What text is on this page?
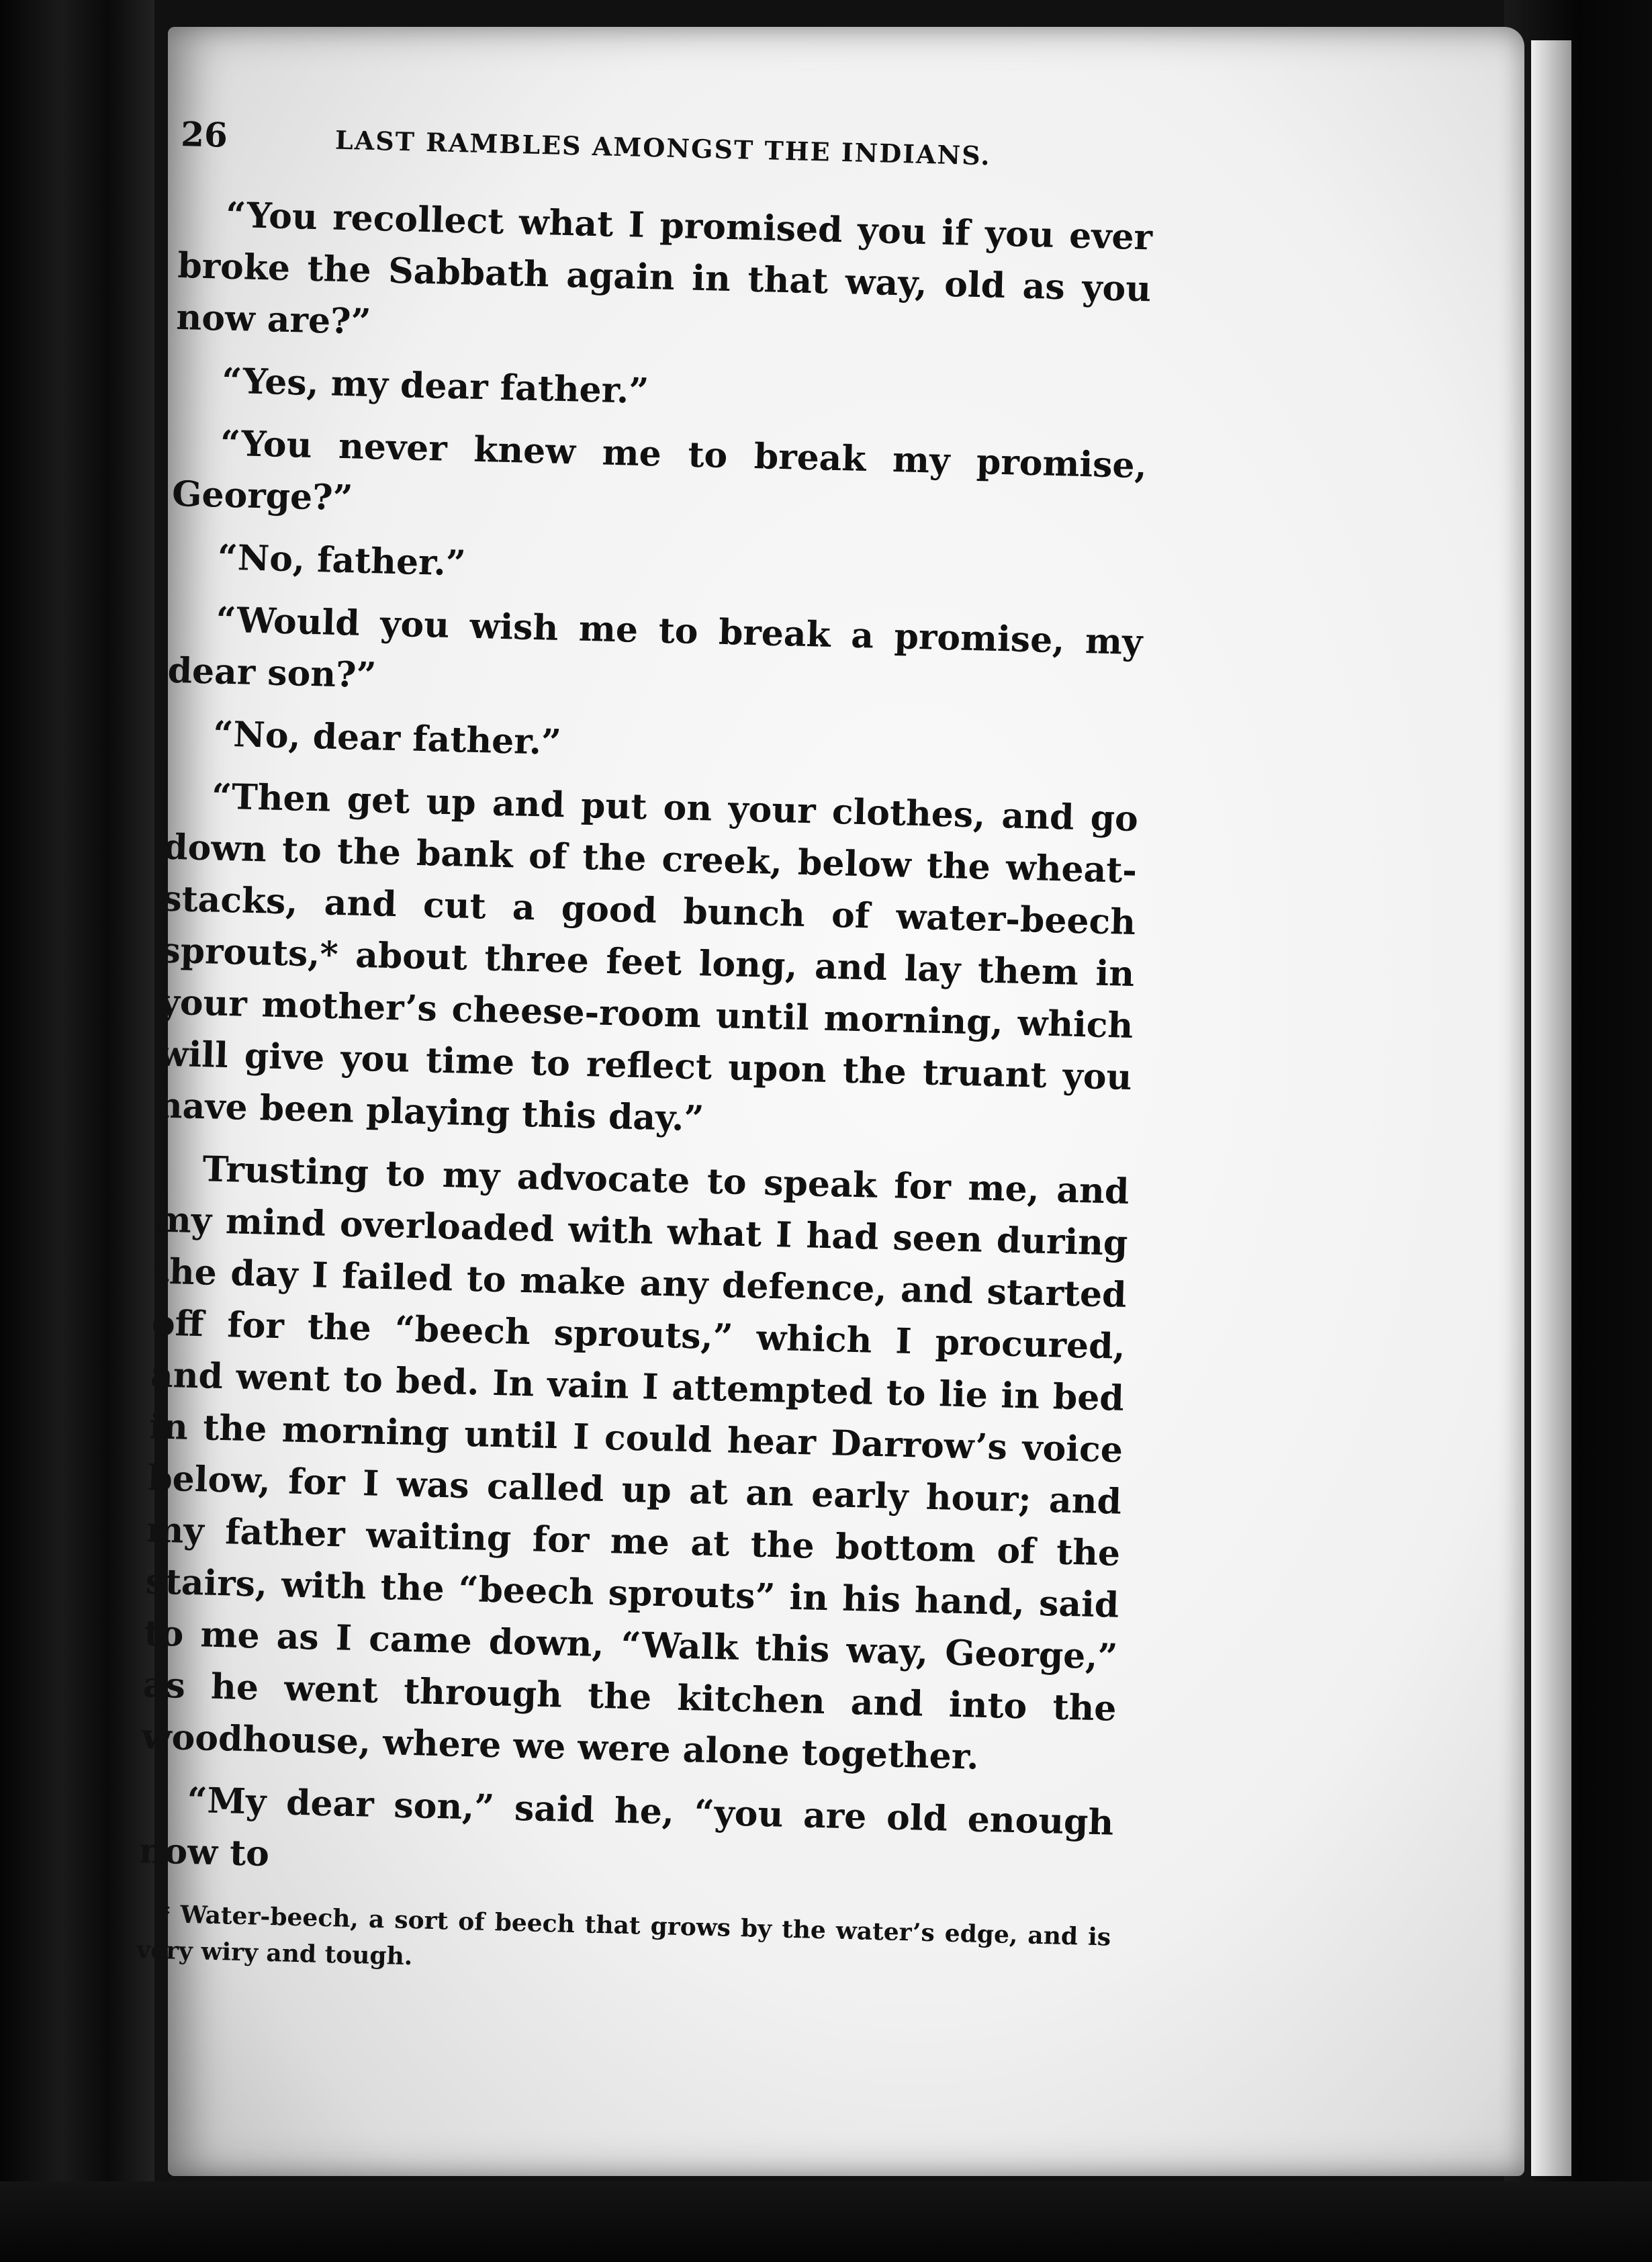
26	LAST RAMBLES AMONGST THE INDIANS.

“You recollect what I promised you if you ever broke the Sabbath again in that way, old as you now are?”

“Yes, my dear father.”

“You never knew me to break my promise, George?”

“No, father.”

“Would you wish me to break a promise, my dear son?”

“No, dear father.”

“Then get up and put on your clothes, and go down to the bank of the creek, below the wheat-stacks, and cut a good bunch of water-beech sprouts,* about three feet long, and lay them in your mother’s cheese-room until morning, which will give you time to reflect upon the truant you have been playing this day.”

Trusting to my advocate to speak for me, and my mind overloaded with what I had seen during the day I failed to make any defence, and started off for the “beech sprouts,” which I procured, and went to bed. In vain I attempted to lie in bed in the morning until I could hear Darrow’s voice below, for I was called up at an early hour; and my father waiting for me at the bottom of the stairs, with the “beech sprouts” in his hand, said to me as I came down, “Walk this way, George,” as he went through the kitchen and into the woodhouse, where we were alone together.

“My dear son,” said he, “you are old enough now to

* Water-beech, a sort of beech that grows by the water’s edge, and is very wiry and tough.
